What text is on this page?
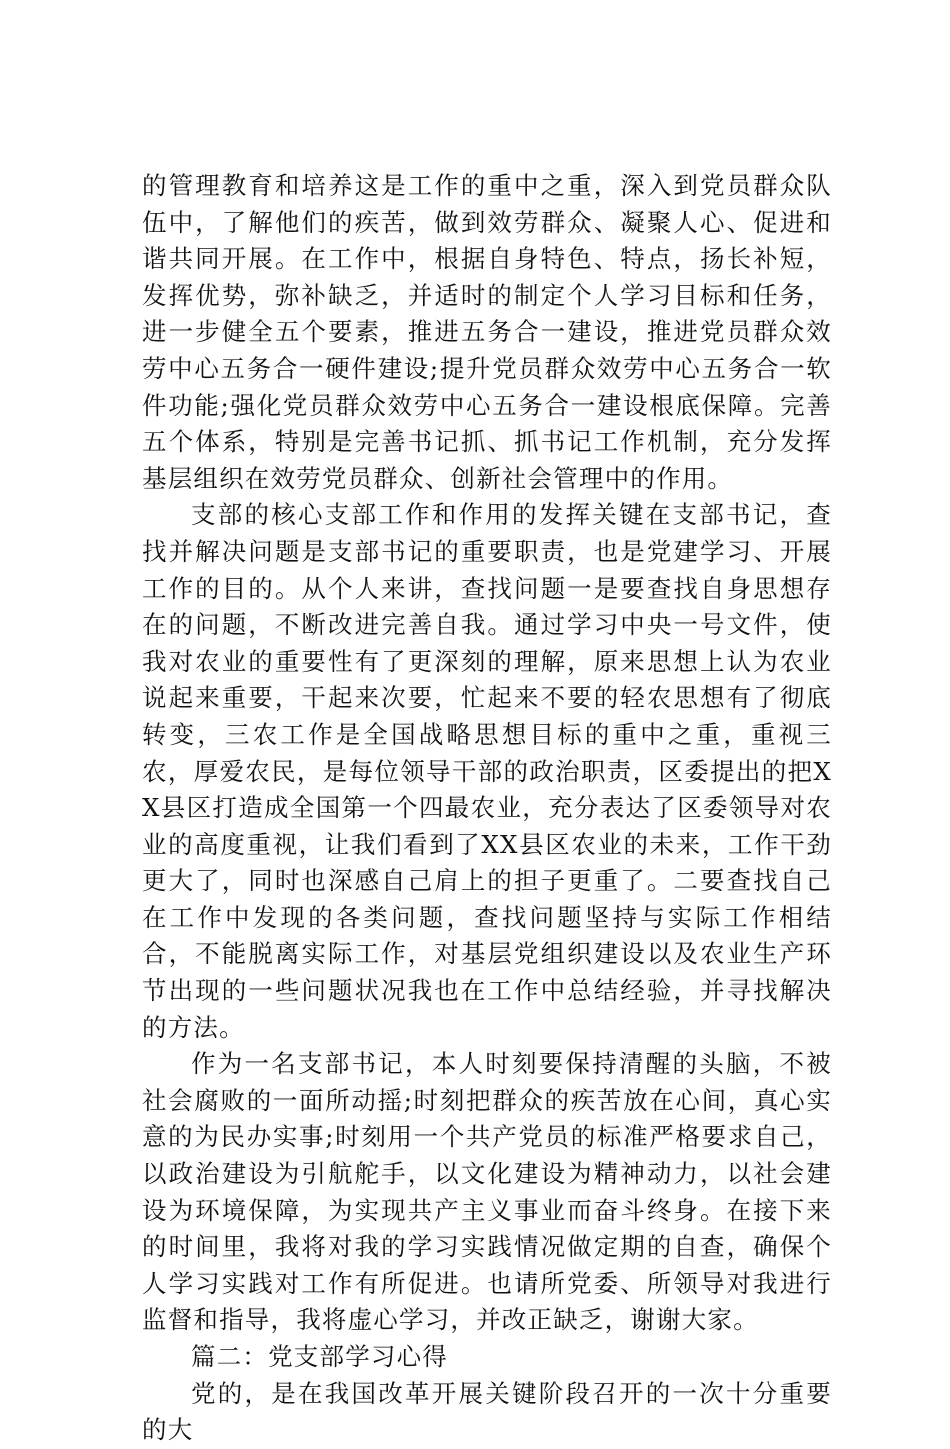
的管理教育和培养这是工作的重中之重，深入到党员群众队伍中，了解他们的疾苦，做到效劳群众、凝聚人心、促进和谐共同开展。在工作中，根据自身特色、特点，扬长补短，发挥优势，弥补缺乏，并适时的制定个人学习目标和任务，进一步健全五个要素，推进五务合一建设，推进党员群众效劳中心五务合一硬件建设;提升党员群众效劳中心五务合一软件功能;强化党员群众效劳中心五务合一建设根底保障。完善五个体系，特别是完善书记抓、抓书记工作机制，充分发挥基层组织在效劳党员群众、创新社会管理中的作用。

支部的核心支部工作和作用的发挥关键在支部书记，查找并解决问题是支部书记的重要职责，也是党建学习、开展工作的目的。从个人来讲，查找问题一是要查找自身思想存在的问题，不断改进完善自我。通过学习中央一号文件，使我对农业的重要性有了更深刻的理解，原来思想上认为农业说起来重要，干起来次要，忙起来不要的轻农思想有了彻底转变，三农工作是全国战略思想目标的重中之重，重视三农，厚爱农民，是每位领导干部的政治职责，区委提出的把XX县区打造成全国第一个四最农业，充分表达了区委领导对农业的高度重视，让我们看到了XX县区农业的未来，工作干劲更大了，同时也深感自己肩上的担子更重了。二要查找自己在工作中发现的各类问题，查找问题坚持与实际工作相结合，不能脱离实际工作，对基层党组织建设以及农业生产环节出现的一些问题状况我也在工作中总结经验，并寻找解决的方法。

作为一名支部书记，本人时刻要保持清醒的头脑，不被社会腐败的一面所动摇;时刻把群众的疾苦放在心间，真心实意的为民办实事;时刻用一个共产党员的标准严格要求自己，以政治建设为引航舵手，以文化建设为精神动力，以社会建设为环境保障，为实现共产主义事业而奋斗终身。在接下来的时间里，我将对我的学习实践情况做定期的自查，确保个人学习实践对工作有所促进。也请所党委、所领导对我进行监督和指导，我将虚心学习，并改正缺乏，谢谢大家。

篇二：党支部学习心得

党的，是在我国改革开展关键阶段召开的一次十分重要的大
